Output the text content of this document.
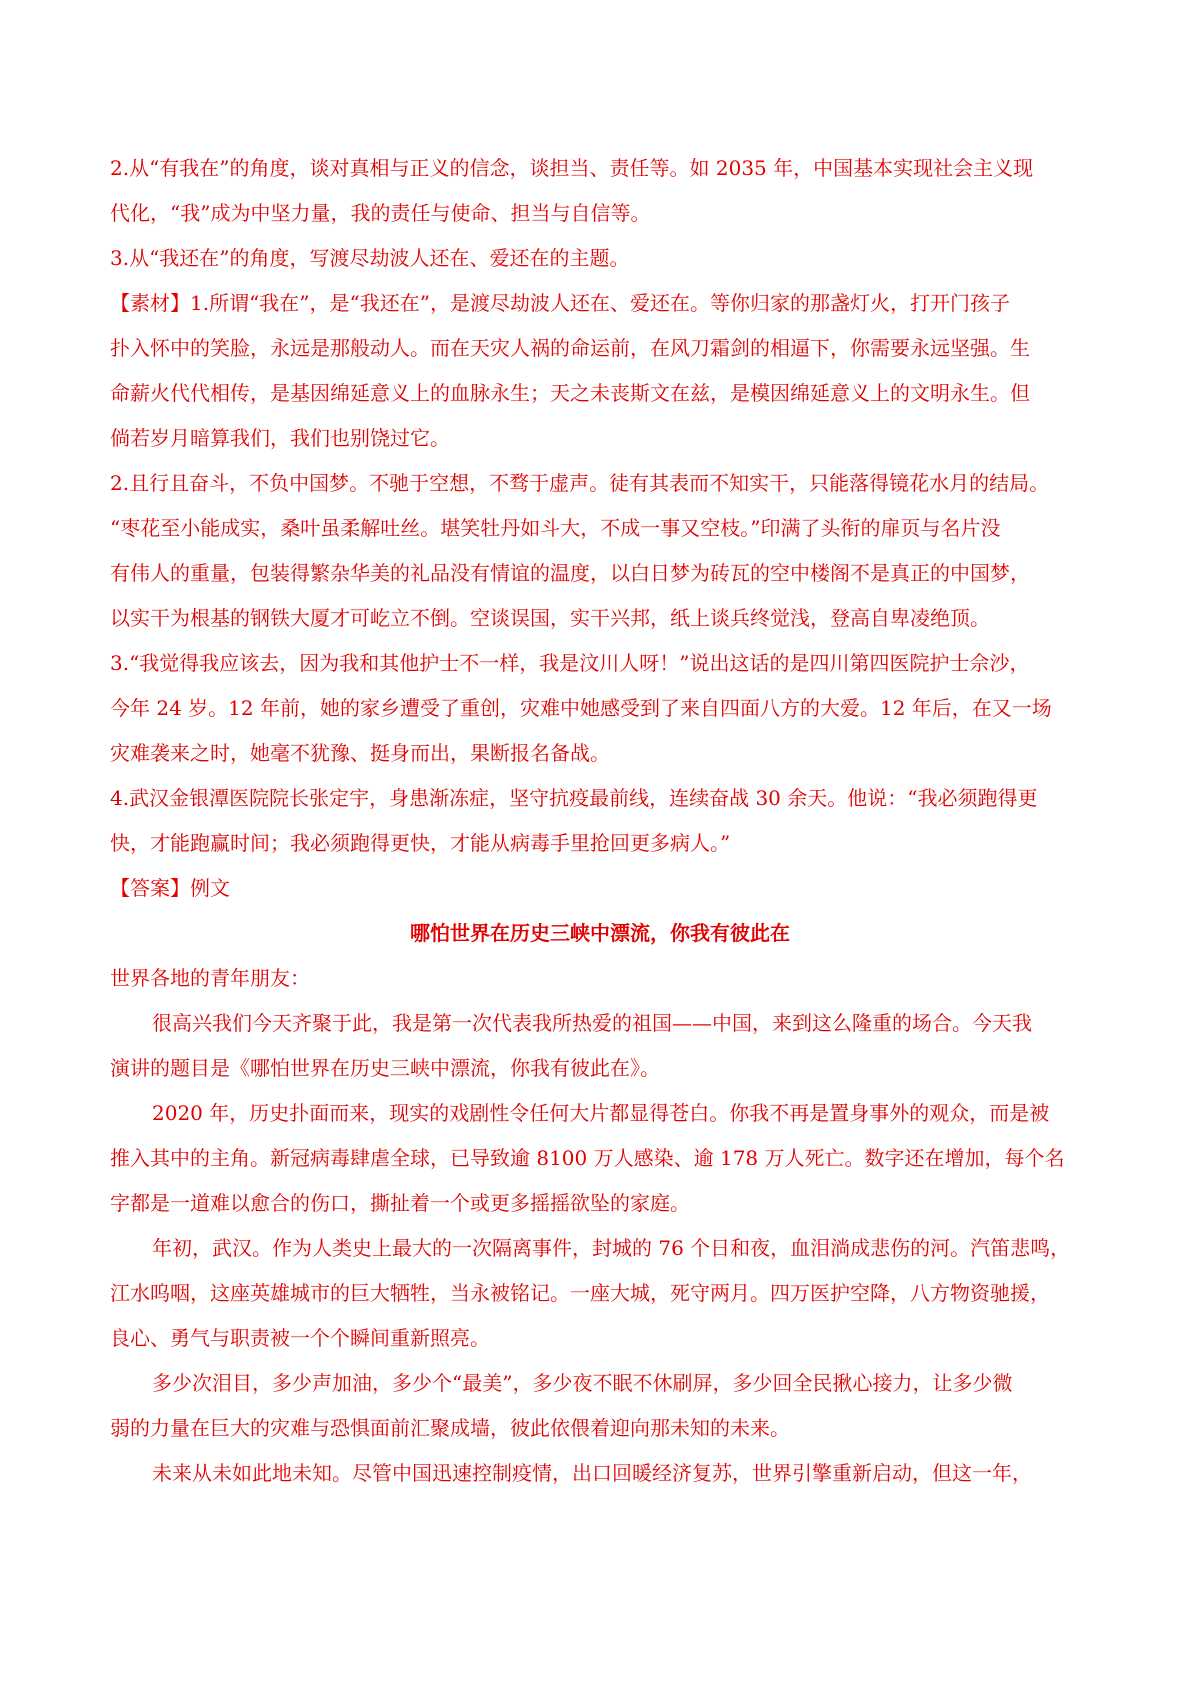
2.从“有我在”的角度，谈对真相与正义的信念，谈担当、责任等。如 2035 年，中国基本实现社会主义现

代化，“我”成为中坚力量，我的责任与使命、担当与自信等。

3.从“我还在”的角度，写渡尽劫波人还在、爱还在的主题。

【素材】1.所谓“我在”，是“我还在”，是渡尽劫波人还在、爱还在。等你归家的那盏灯火，打开门孩子

扑入怀中的笑脸，永远是那般动人。而在天灾人祸的命运前，在风刀霜剑的相逼下，你需要永远坚强。生

命薪火代代相传，是基因绵延意义上的血脉永生；天之未丧斯文在兹，是模因绵延意义上的文明永生。但

倘若岁月暗算我们，我们也别饶过它。

2.且行且奋斗，不负中国梦。不驰于空想，不骛于虚声。徒有其表而不知实干，只能落得镜花水月的结局。

“枣花至小能成实，桑叶虽柔解吐丝。堪笑牡丹如斗大，不成一事又空枝。”印满了头衔的扉页与名片没

有伟人的重量，包装得繁杂华美的礼品没有情谊的温度，以白日梦为砖瓦的空中楼阁不是真正的中国梦，

以实干为根基的钢铁大厦才可屹立不倒。空谈误国，实干兴邦，纸上谈兵终觉浅，登高自卑凌绝顶。

3.“我觉得我应该去，因为我和其他护士不一样，我是汶川人呀！”说出这话的是四川第四医院护士佘沙，

今年 24 岁。12 年前，她的家乡遭受了重创，灾难中她感受到了来自四面八方的大爱。12 年后，在又一场

灾难袭来之时，她毫不犹豫、挺身而出，果断报名备战。

4.武汉金银潭医院院长张定宇，身患渐冻症，坚守抗疫最前线，连续奋战 30 余天。他说：“我必须跑得更

快，才能跑赢时间；我必须跑得更快，才能从病毒手里抢回更多病人。”

【答案】例文

哪怕世界在历史三峡中漂流，你我有彼此在

世界各地的青年朋友：

很高兴我们今天齐聚于此，我是第一次代表我所热爱的祖国——中国，来到这么隆重的场合。今天我

演讲的题目是《哪怕世界在历史三峡中漂流，你我有彼此在》。

2020 年，历史扑面而来，现实的戏剧性令任何大片都显得苍白。你我不再是置身事外的观众，而是被

推入其中的主角。新冠病毒肆虐全球，已导致逾 8100 万人感染、逾 178 万人死亡。数字还在增加，每个名

字都是一道难以愈合的伤口，撕扯着一个或更多摇摇欲坠的家庭。

年初，武汉。作为人类史上最大的一次隔离事件，封城的 76 个日和夜，血泪淌成悲伤的河。汽笛悲鸣，

江水呜咽，这座英雄城市的巨大牺牲，当永被铭记。一座大城，死守两月。四万医护空降，八方物资驰援，

良心、勇气与职责被一个个瞬间重新照亮。

多少次泪目，多少声加油，多少个“最美”，多少夜不眠不休刷屏，多少回全民揪心接力，让多少微

弱的力量在巨大的灾难与恐惧面前汇聚成墙，彼此依偎着迎向那未知的未来。

未来从未如此地未知。尽管中国迅速控制疫情，出口回暖经济复苏，世界引擎重新启动，但这一年，
